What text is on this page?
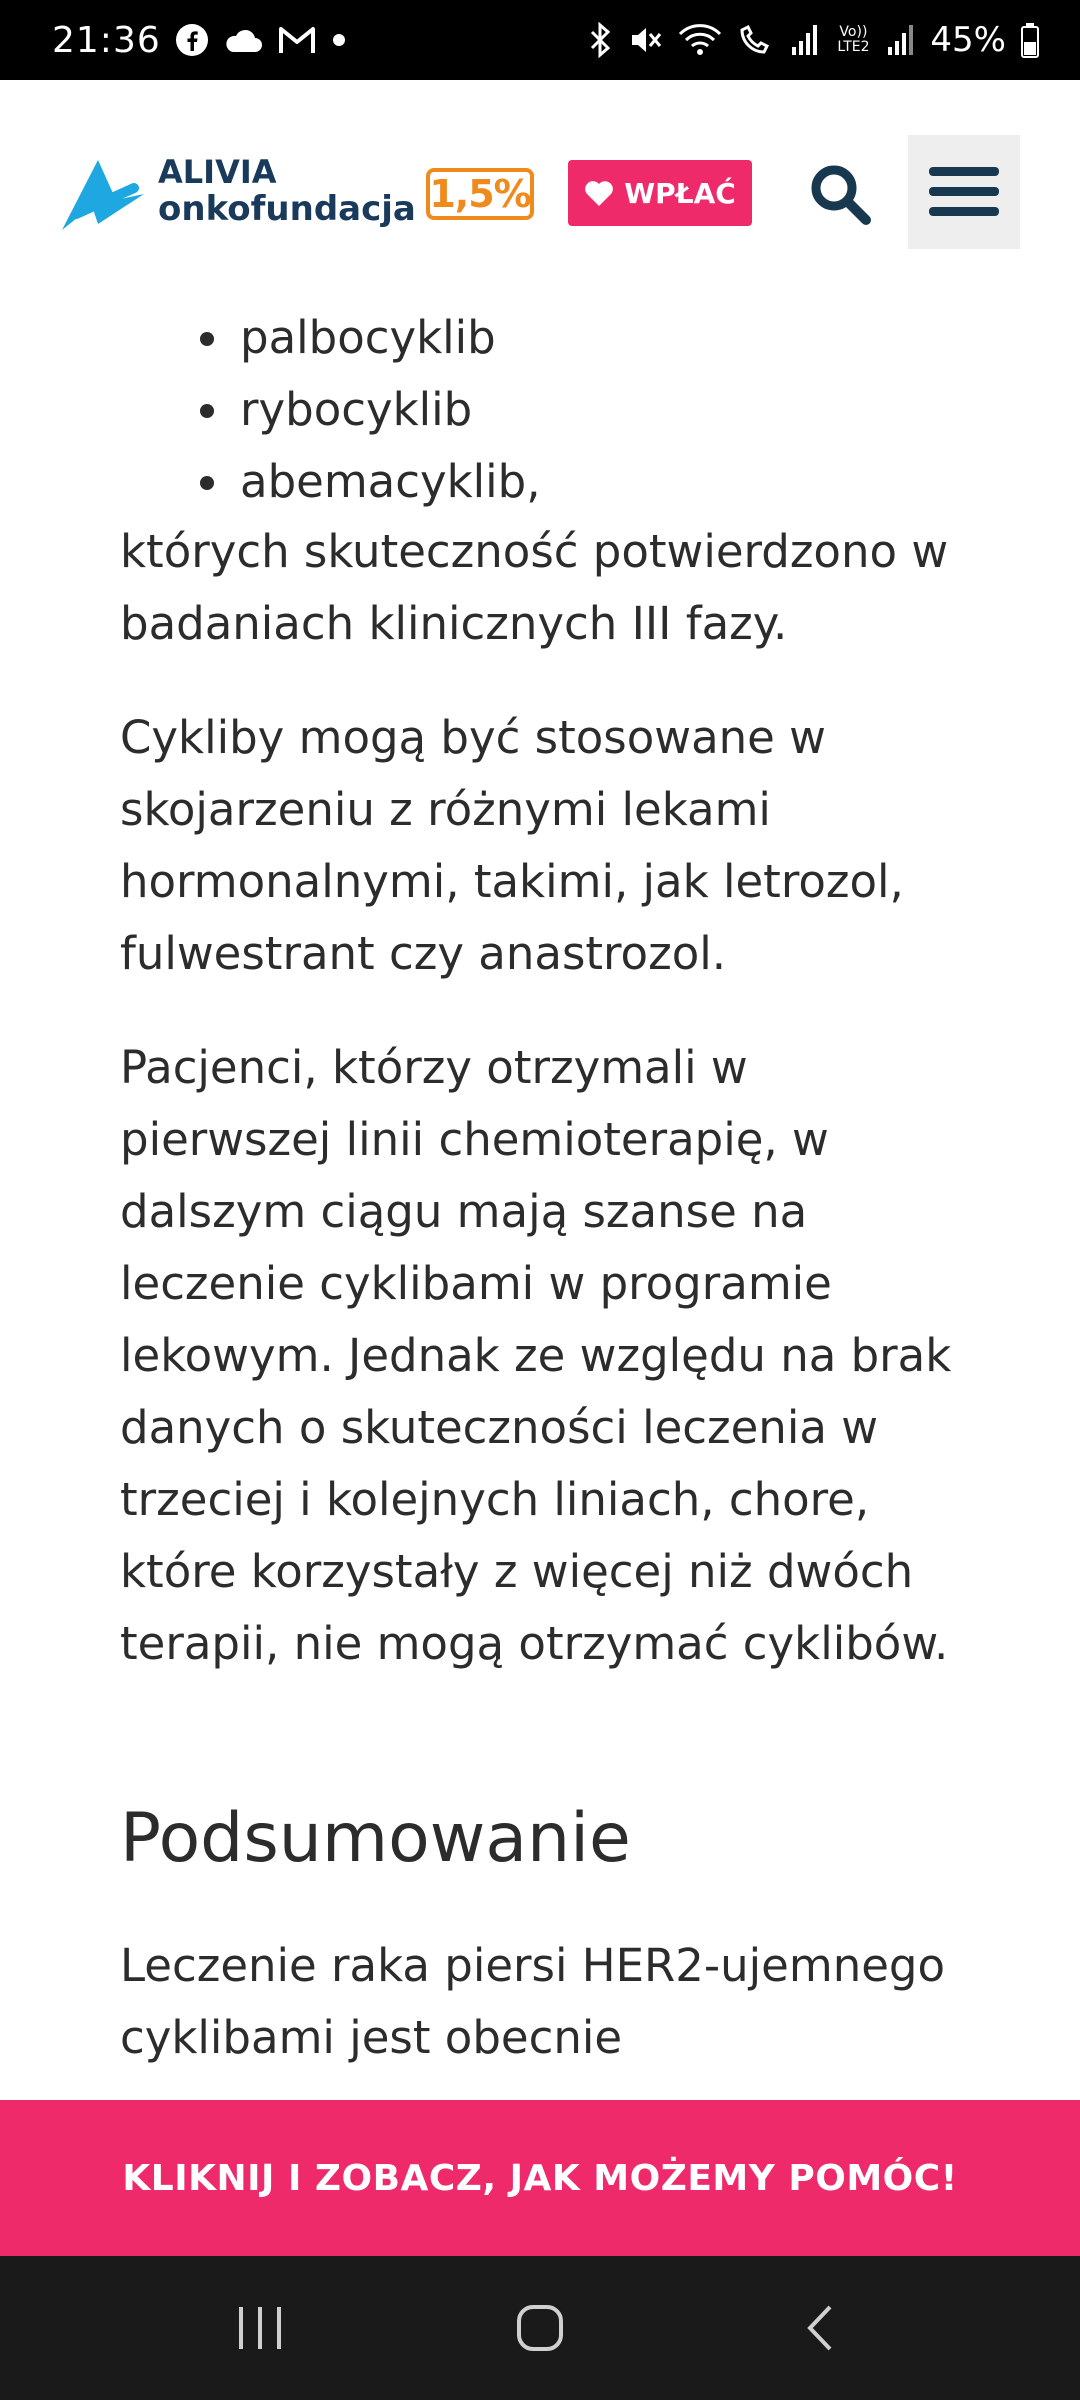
21:36	Vo)) LTE2 45%
ALIVIA
onkofundacja 1,5%	WPŁAĆ
palbocyklib
rybocyklib
abemacyklib,

których skuteczność potwierdzono w badaniach klinicznych III fazy.

Cykliby mogą być stosowane w skojarzeniu z różnymi lekami hormonalnymi, takimi, jak letrozol, fulwestrant czy anastrozol.

Pacjenci, którzy otrzymali w pierwszej linii chemioterapię, w dalszym ciągu mają szanse na leczenie cyklibami w programie lekowym. Jednak ze względu na brak danych o skuteczności leczenia w trzeciej i kolejnych liniach, chore, które korzystały z więcej niż dwóch terapii, nie mogą otrzymać cyklibów.

Podsumowanie

Leczenie raka piersi HER2-ujemnego cyklibami jest obecnie

KLIKNIJ I ZOBACZ, JAK MOŻEMY POMÓC!
